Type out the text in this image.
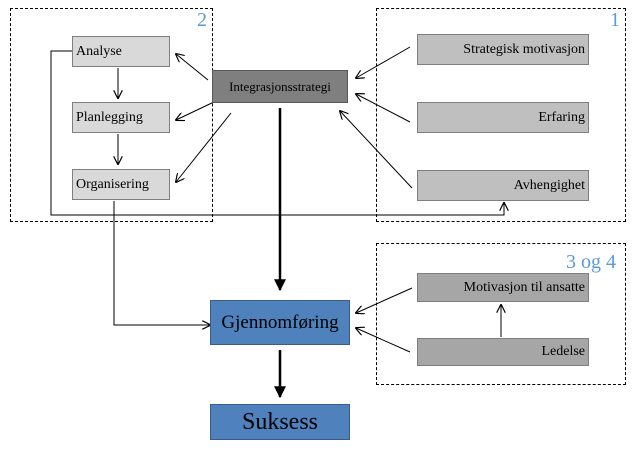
2	1
3 og 4
Analyse
Planlegging
Organisering
Integrasjonsstrategi
Strategisk motivasjon
Erfaring
Avhengighet
Motivasjon til ansatte
Ledelse
Gjennomføring
Suksess
